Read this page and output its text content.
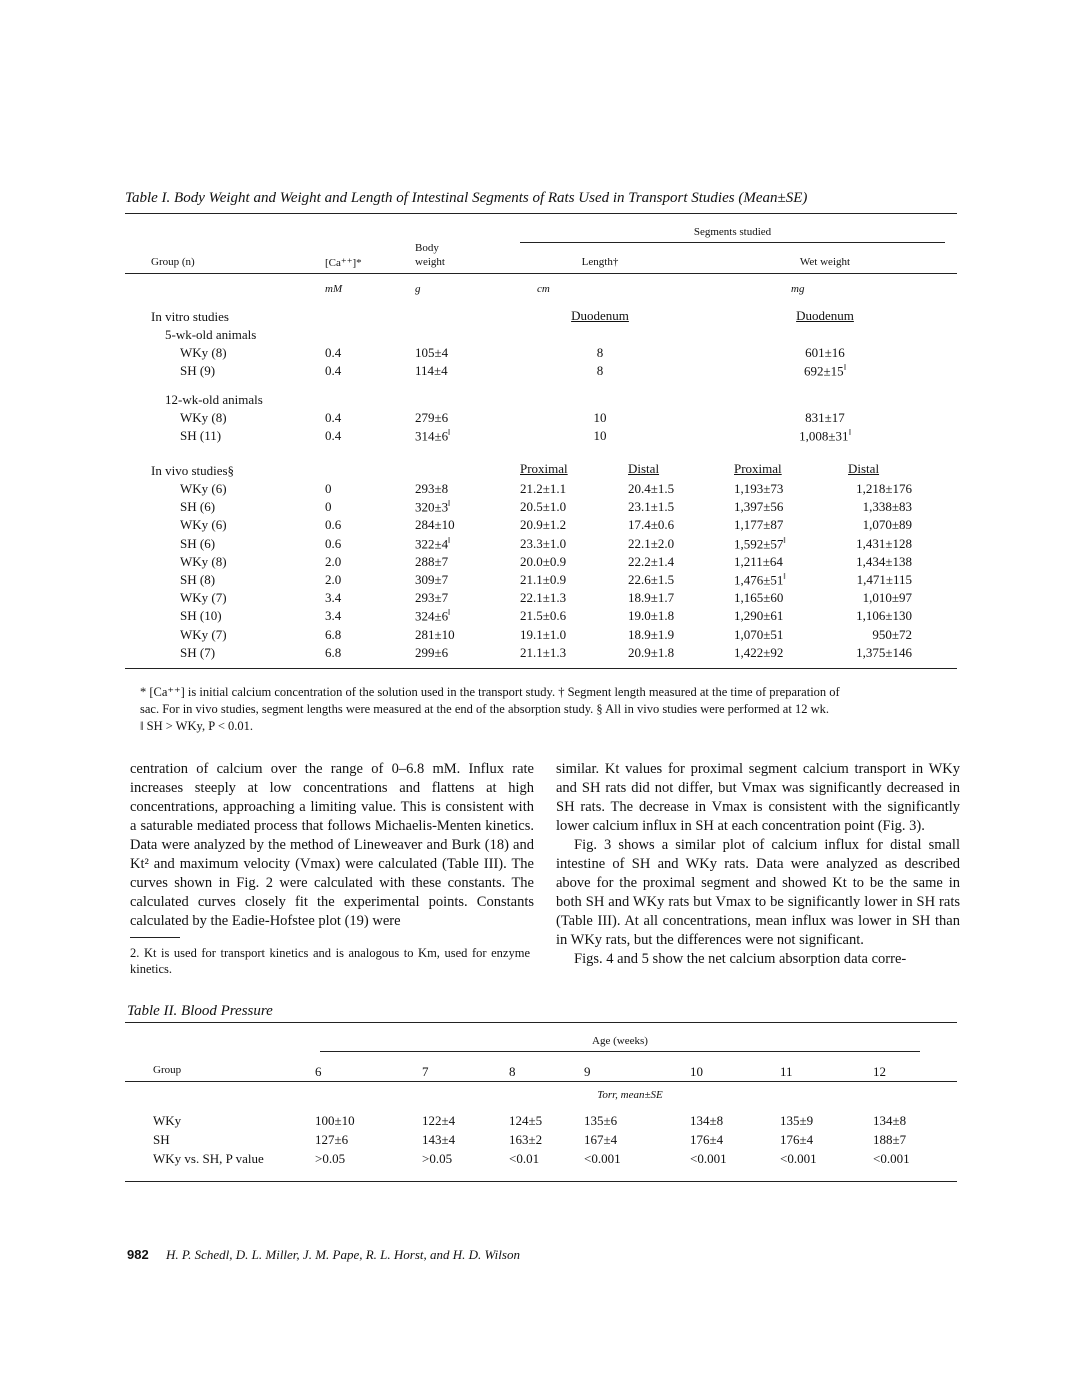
Table I. Body Weight and Weight and Length of Intestinal Segments of Rats Used in Transport Studies (Mean±SE)
Segments studied
Body
weight
Group (n)	[Ca⁺⁺]*	Length†	Wet weight
mM	g	cm	mg
In vitro studies	Duodenum	Duodenum
5-wk-old animals
WKy (8)	0.4	105±4	8	601±16
SH (9)	0.4	114±4	8	$692\pm 15^ǁ$
12-wk-old animals
WKy (8)	0.4	279±6	10	831±17
SH (11)	0.4	$314\pm 6^ǁ$	10	$1,008\pm 31^ǁ$
In vivo studies§	Proximal	Distal	Proximal	Distal
WKy (6)	0	293±8	21.2±1.1	20.4±1.5	1,193±73	1,218±176
SH (6)	0	$320\pm 3^ǁ$	20.5±1.0	23.1±1.5	1,397±56	1,338±83
WKy (6)	0.6	284±10	20.9±1.2	17.4±0.6	1,177±87	1,070±89
SH (6)	0.6	$322\pm 4^ǁ$	23.3±1.0	22.1±2.0	$1,592\pm 57^ǁ$	1,431±128
WKy (8)	2.0	288±7	20.0±0.9	22.2±1.4	1,211±64	1,434±138
SH (8)	2.0	309±7	21.1±0.9	22.6±1.5	$1,476\pm 51^ǁ$	1,471±115
WKy (7)	3.4	293±7	22.1±1.3	18.9±1.7	1,165±60	1,010±97
SH (10)	3.4	$324\pm 6^ǁ$	21.5±0.6	19.0±1.8	1,290±61	1,106±130
WKy (7)	6.8	281±10	19.1±1.0	18.9±1.9	1,070±51	950±72
SH (7)	6.8	299±6	21.1±1.3	20.9±1.8	1,422±92	1,375±146
* [Ca⁺⁺] is initial calcium concentration of the solution used in the transport study. † Segment length measured at the time of preparation of
sac. For in vivo studies, segment lengths were measured at the end of the absorption study. § All in vivo studies were performed at 12 wk.
ǁ SH > WKy, P < 0.01.

centration of calcium over the range of 0–6.8 mM. Influx rate increases steeply at low concentrations and flattens at high concentrations, approaching a limiting value. This is consistent with a saturable mediated process that follows Michaelis-Menten kinetics. Data were analyzed by the method of Lineweaver and Burk (18) and Kt² and maximum velocity (Vmax) were calculated (Table III). The curves shown in Fig. 2 were calculated with these constants. The calculated curves closely fit the experimental points. Constants calculated by the Eadie-Hofstee plot (19) were

2. Kt is used for transport kinetics and is analogous to Km, used for enzyme kinetics.

similar. Kt values for proximal segment calcium transport in WKy and SH rats did not differ, but Vmax was significantly decreased in SH rats. The decrease in Vmax is consistent with the significantly lower calcium influx in SH at each concentration point (Fig. 3).

Fig. 3 shows a similar plot of calcium influx for distal small intestine of SH and WKy rats. Data were analyzed as described above for the proximal segment and showed Kt to be the same in both SH and WKy rats but Vmax to be significantly lower in SH rats (Table III). At all concentrations, mean influx was lower in SH than in WKy rats, but the differences were not significant.

Figs. 4 and 5 show the net calcium absorption data corre-

Table II. Blood Pressure
Age (weeks)
Group	6	7	8	9	10	11	12
Torr, mean±SE
WKy	100±10	122±4	124±5	135±6	134±8	135±9	134±8
SH	127±6	143±4	163±2	167±4	176±4	176±4	188±7
WKy vs. SH, P value	>0.05	>0.05	<0.01	<0.001	<0.001	<0.001	<0.001
982 H. P. Schedl, D. L. Miller, J. M. Pape, R. L. Horst, and H. D. Wilson
